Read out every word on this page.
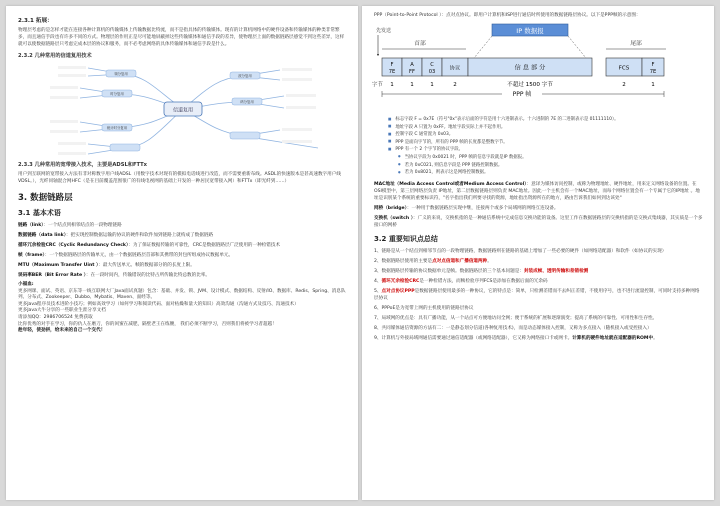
2.3.1 拓展：
物理层考虑的是怎样才能在连接各种计算机的传输媒体上传输数据比特流，而不是指具体的传输媒体。现有的计算机网络中的硬件设备和传输媒体的种类非常繁多，而且通信手段也有许多不同的方式。物理层的作用正是尽可能地屏蔽掉这些传输媒体和通信手段的差异，使物理层上面的数据链路层感觉不到这些差异，这样就可以使数据链路层只考虑完成本层的协议和服务，而不必考虑网络的具体传输媒体和通信手段是什么。
2.3.2 几种常用的信道复用技术
信道复用
频分复用
时分复用
统计时分复用
波分复用
码分复用
2.3.3 几种常用的宽带接入技术，主要是ADSL和FTTx
用户到互联网的宽带接入方法有非对称数字用户线ADSL（用数字技术对现有的模拟电话线进行改造，而不需要重新布线。ASDL的快速版本是甚高速数字用户线VDSL。），光纤同轴混合网HFC（是在目前覆盖范围很广的有线电视网的基础上开发的一种居民宽带接入网）和FTTx（即光纤到……）
3. 数据链路层
3.1 基本术语
链路（link）：一个结点到相邻结点的一段物理链路
数据链路（data link）：把实现控制数据运输的协议的硬件和软件加到链路上就构成了数据链路
循环冗余检验CRC（Cyclic Redundancy Check）：为了保证数据传输的可靠性，CRC是数据链路层广泛使用的一种检错技术
帧（frame）：一个数据链路层的传输单元，由一个数据链路层首部和其携带的封包所组成协议数据单元。
MTU（Maximum Transfer Uint ）：最大传送单元。帧的数据部分的的长度上限。
误码率BER（Bit Error Rate ）：在一段时间内，传输错误的比特占所传输比特总数的比率。

小福血:

更多网课、面试、英语、京东等一线互联网大厂Java面试真题）包含：基础、并发、锁、JVM、设计模式、数据结构、反射/IO、数据库、Redis、Spring、消息队列、分布式、Zookeeper、Dubbo、Mybatis、Maven、面经等。

更多Java程序员技术进阶小技巧；例如高效学习（如何学习和阅读代码、面对枯燥和量大的知识）高效沟通（沟通方式及技巧、沟通技术）

更多Java大牛分享的一些职业生涯分享文档

请添加QQ：2986706524 免费获取

比你优秀的对手在学习，你的仇人在磨刀，你的闺蜜在减肥，隔壁老王在练腰， 我们必须不断学习，否则我们将被学习者超越！

趁年轻，使劲拼，给未来的自己一个交代！

PPP（Point-to-Point Protocol ）：点对点协议。即用户计算机和ISP进行通信时所使用的数据链路层协议。以下是PPP帧的示意图：
IP 数据报
首部	尾部
先发送
F
7E
A
FF
C
03
协议	信 息 部 分	FCS
F
7E
字节 1	1	1	2	不超过 1500 字节	2	1
PPP 帧
■ 标志字段 F = 0x7E（符号"0x"表示后面的字符是用十六进制表示。十六进制的 7E 的二进制表示是 01111110）。
■ 地址字段 A 只置为 0xFF。地址字段实际上并不起作用。
■ 控制字段 C 通常置为 0x03。
■ PPP 是面向字节的，所有的 PPP 帧的长度都是整数字节。
■ PPP 有一个 2 个字节的协议字段。
● 当协议字段为 0x0021 时，PPP 帧的信息字段就是IP 数据报。
● 若为 0xC021, 则信息字段是 PPP 链路控制数据。
● 若为 0x8021，则表示这是网络控制数据。
MAC地址（Media Access Control或者Medium Access Control）：意译为媒体访问控制，或称为物理地址、硬件地址，用来定义网络设备的位置。在OSI模型中，第三层网络层负责 IP地址，第二层数据链路层则负责 MAC地址。因此一个主机会有一个MAC地址，而每个网络位置会有一个专属于它的IP地址 。地址是识别某个系统的重要标识符，"名字指出我们所要寻找的资源，地址指出资源所在的地方，路由告诉我们如何到达该处"
网桥（bridge）：一种用于数据链路层实现中继，连接两个或多个局域网的网络互连设备。
交换机（switch ）：广义的来说，交换机指的是一种通信系统中完成信息交换功能的设备。这里工作在数据链路层的交换机指的是交换式集线器，其实质是一个多接口的网桥
3.2 重要知识点总结
1、链路是从一个结点到相邻节点的一段物理链路，数据链路则在链路的基础上增加了一些必要的硬件（如网络适配器）和软件（如协议的实现）
2、数据链路层使用的主要是点对点信道和广播信道两种。
3、数据链路层传输的协议数据单元是帧。数据链路层的三个基本问题是：封装成帧、透明传输和差错检测
4、循环冗余检验CRC是一种检错方法，而帧检验序列FCS是添加在数据后面的冗余码
5、点对点协议PPP是数据链路层使用最多的一种协议，它的特点是：简单，只检测差错而不去纠正差错，不使用序号，也不进行流量控制，可同时支持多种网络层协议
6、PPPoE是为宽带上网的主机使用的链路层协议
7、局域网的优点是：具有广播功能，从一个站点可方便地访问全网；便于系统的扩展和逐渐演变；提高了系统的可靠性、可用性和生存性。
8、共同媒体通信资源的方法有二：一是静态划分信道(各种复用技术)，而是动态媒体接入控制，又称为多点接入（随机接入或受控接入）
9、计算机与外接局域网通信需要通过通信适配器（或网络适配器），它又称为网络接口卡或网卡。计算机的硬件地址就在适配器的ROM中。
